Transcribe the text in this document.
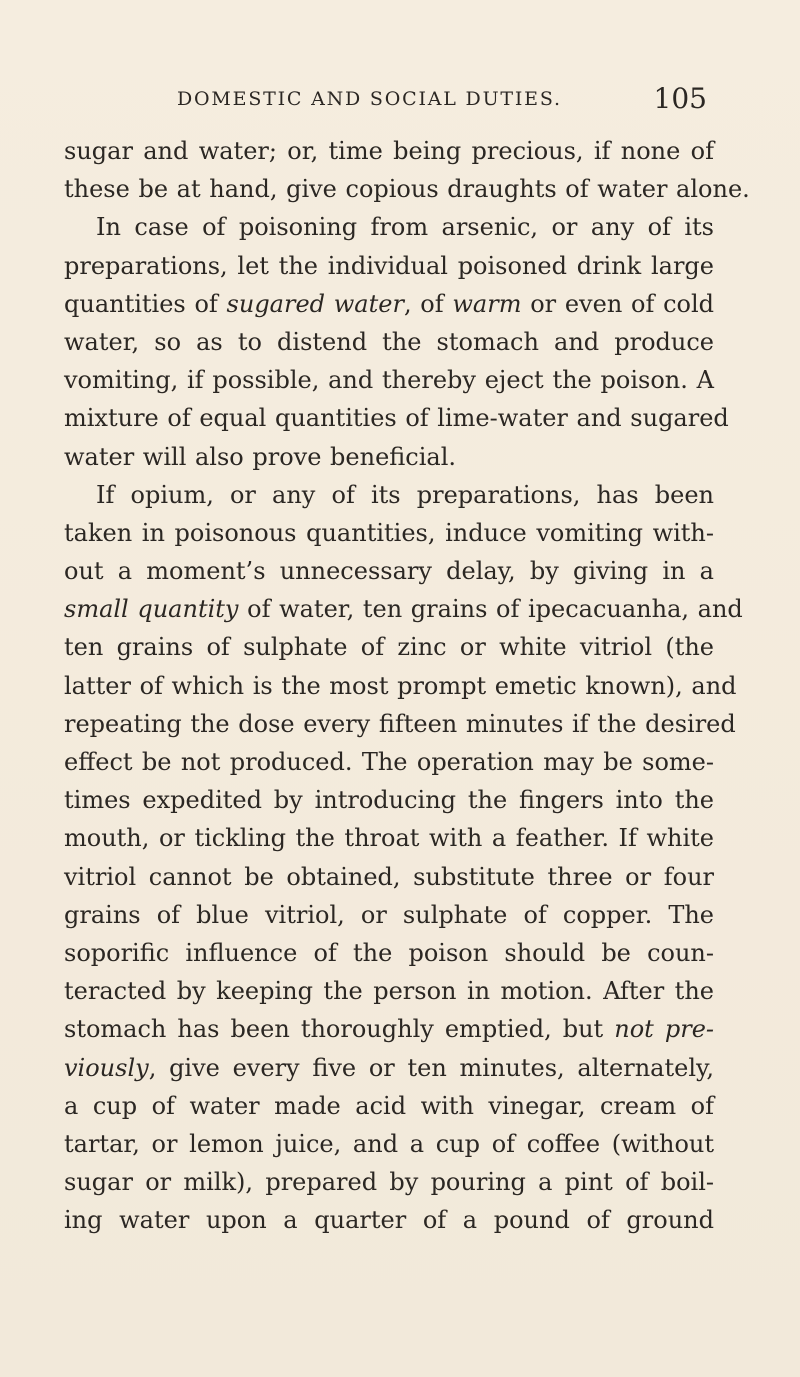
DOMESTIC AND SOCIAL DUTIES.	105
sugar and water; or, time being precious, if none of
these be at hand, give copious draughts of water alone.
In case of poisoning from arsenic, or any of its
preparations, let the individual poisoned drink large
quantities of sugared water, of warm or even of cold
water, so as to distend the stomach and produce
vomiting, if possible, and thereby eject the poison. A
mixture of equal quantities of lime-water and sugared
water will also prove beneficial.
If opium, or any of its preparations, has been
taken in poisonous quantities, induce vomiting with-
out a moment’s unnecessary delay, by giving in a
small quantity of water, ten grains of ipecacuanha, and
ten grains of sulphate of zinc or white vitriol (the
latter of which is the most prompt emetic known), and
repeating the dose every fifteen minutes if the desired
effect be not produced. The operation may be some-
times expedited by introducing the fingers into the
mouth, or tickling the throat with a feather. If white
vitriol cannot be obtained, substitute three or four
grains of blue vitriol, or sulphate of copper. The
soporific influence of the poison should be coun-
teracted by keeping the person in motion. After the
stomach has been thoroughly emptied, but not pre-
viously, give every five or ten minutes, alternately,
a cup of water made acid with vinegar, cream of
tartar, or lemon juice, and a cup of coffee (without
sugar or milk), prepared by pouring a pint of boil-
ing water upon a quarter of a pound of ground
